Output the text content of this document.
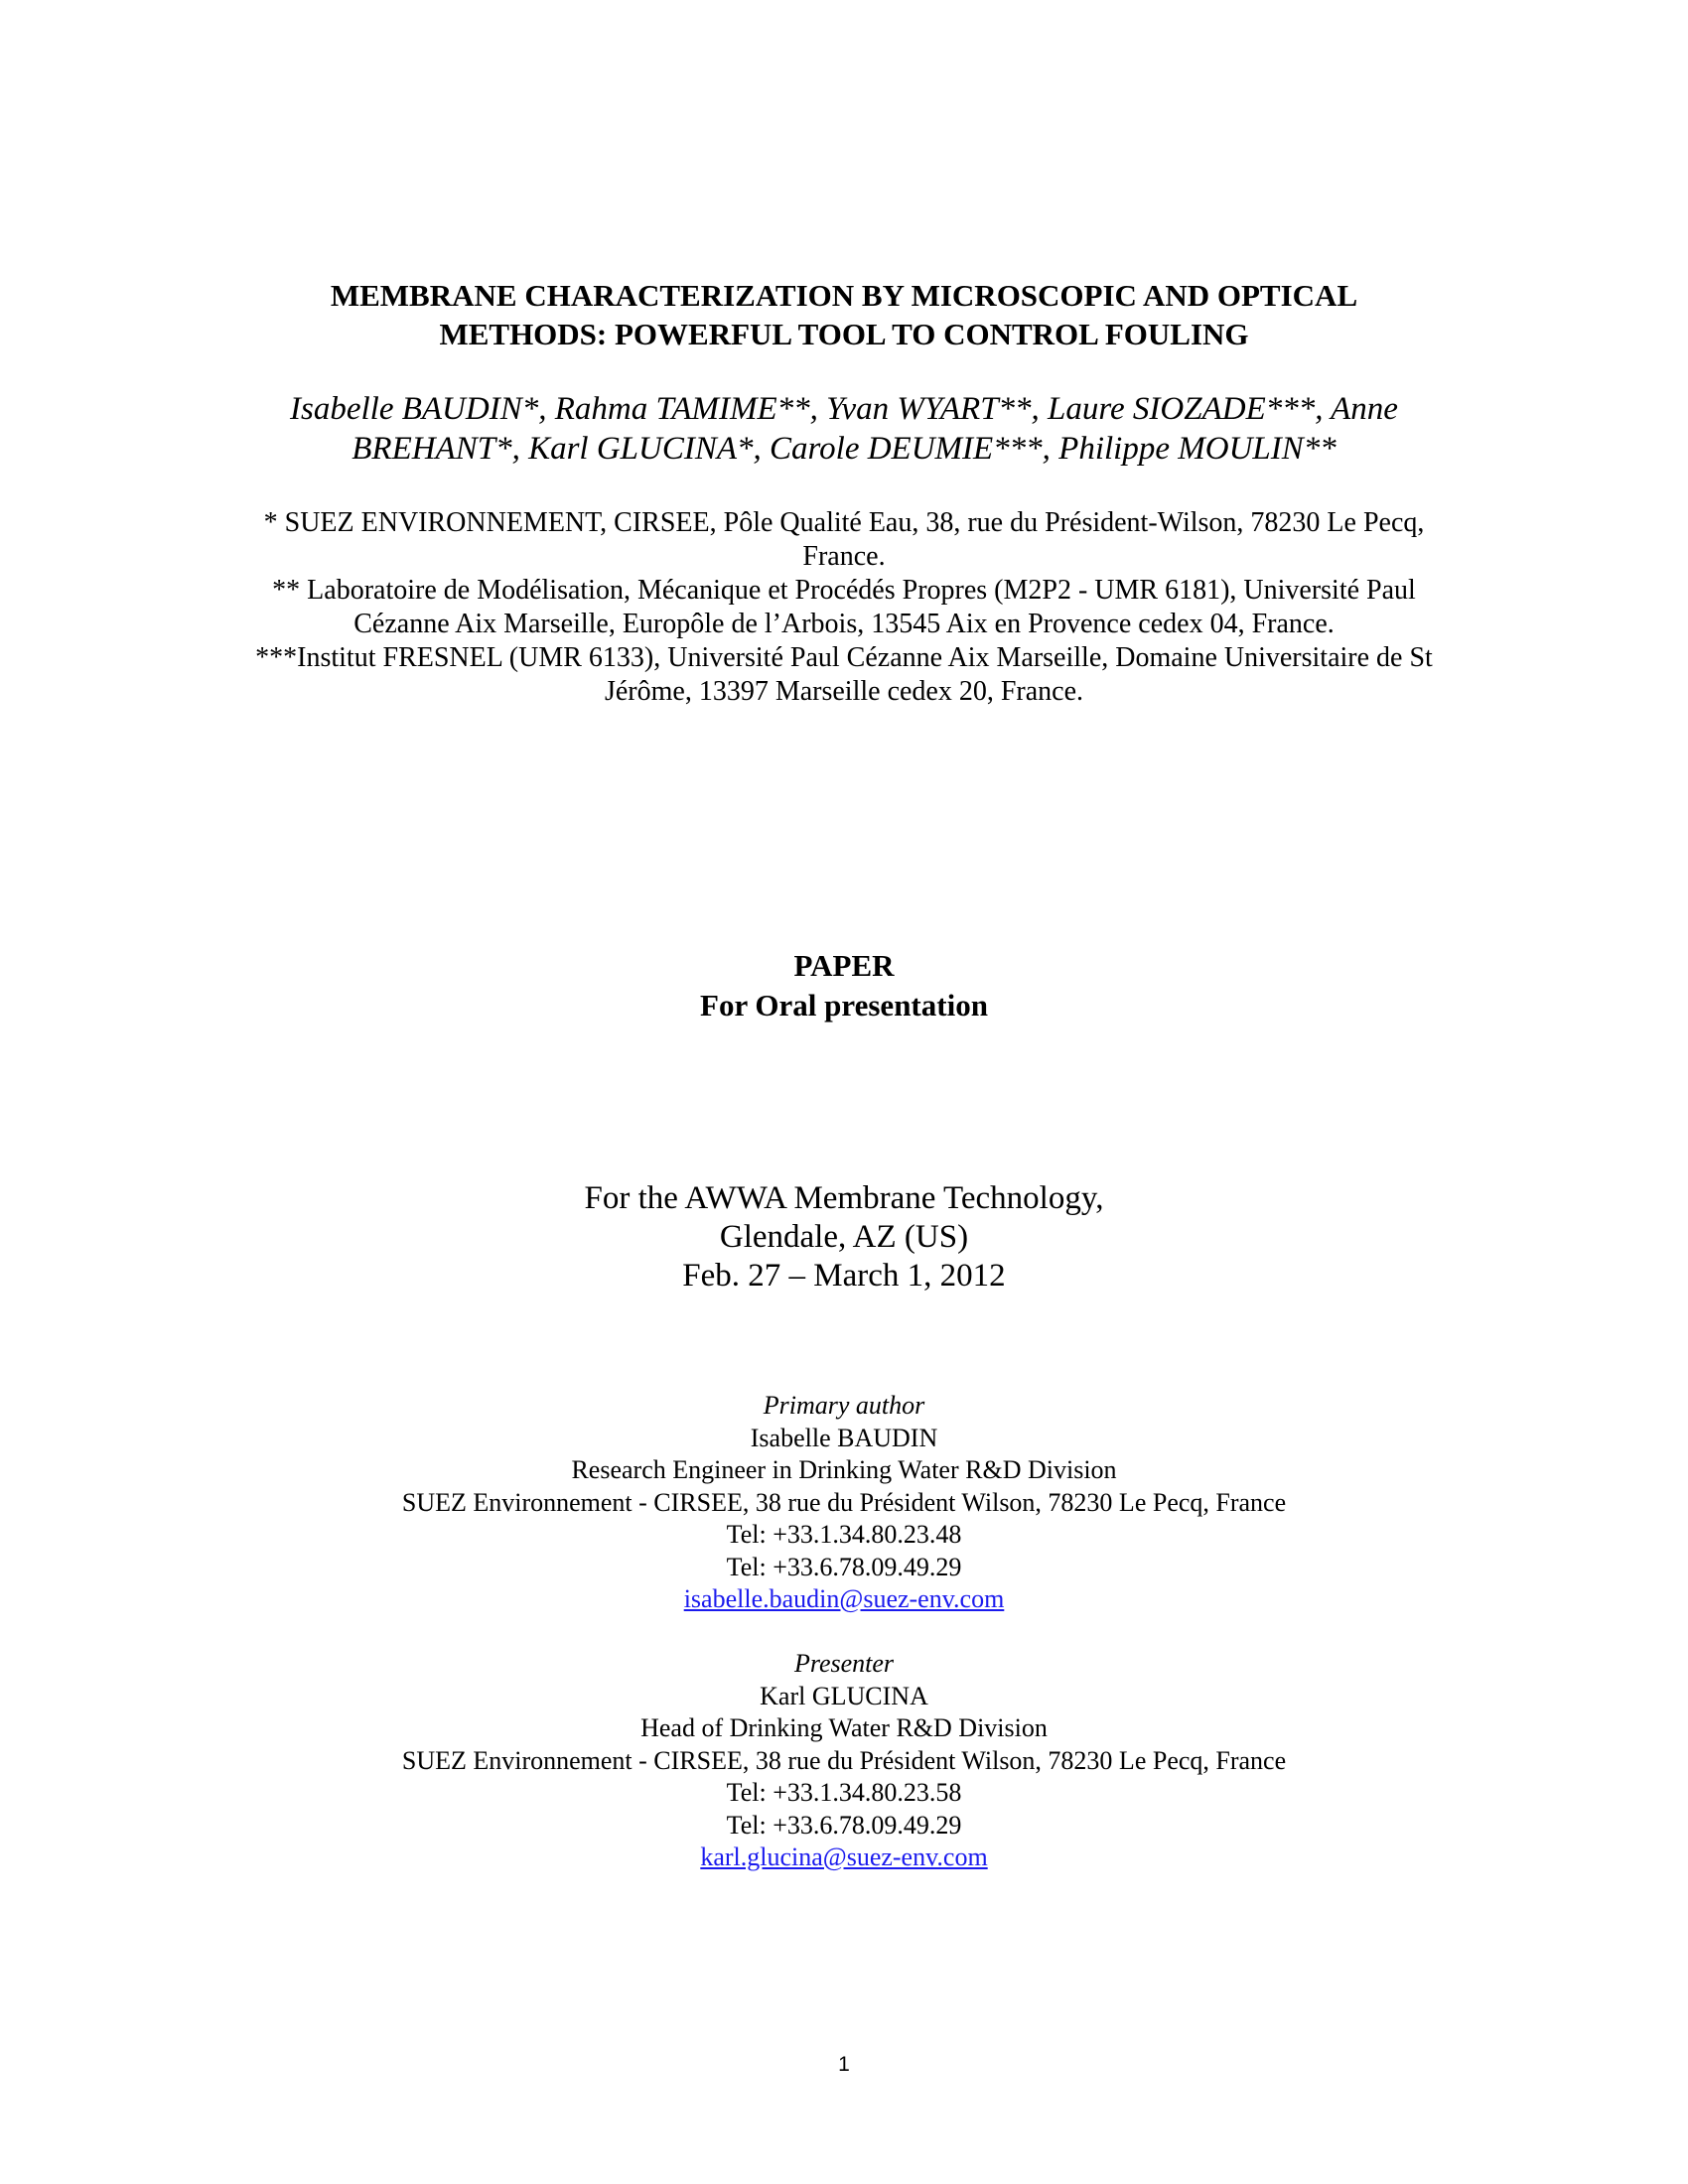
MEMBRANE CHARACTERIZATION BY MICROSCOPIC AND OPTICAL
METHODS: POWERFUL TOOL TO CONTROL FOULING
Isabelle BAUDIN*, Rahma TAMIME**, Yvan WYART**, Laure SIOZADE***, Anne
BREHANT*, Karl GLUCINA*, Carole DEUMIE***, Philippe MOULIN**
* SUEZ ENVIRONNEMENT, CIRSEE, Pôle Qualité Eau, 38, rue du Président-Wilson, 78230 Le Pecq,
France.
** Laboratoire de Modélisation, Mécanique et Procédés Propres (M2P2 - UMR 6181), Université Paul
Cézanne Aix Marseille, Europôle de l’Arbois, 13545 Aix en Provence cedex 04, France.
***Institut FRESNEL (UMR 6133), Université Paul Cézanne Aix Marseille, Domaine Universitaire de St
Jérôme, 13397 Marseille cedex 20, France.
PAPER
For Oral presentation
For the AWWA Membrane Technology,
Glendale, AZ (US)
Feb. 27 – March 1, 2012
Primary author
Isabelle BAUDIN
Research Engineer in Drinking Water R&D Division
SUEZ Environnement - CIRSEE, 38 rue du Président Wilson, 78230 Le Pecq, France
Tel: +33.1.34.80.23.48
Tel: +33.6.78.09.49.29
isabelle.baudin@suez-env.com
Presenter
Karl GLUCINA
Head of Drinking Water R&D Division
SUEZ Environnement - CIRSEE, 38 rue du Président Wilson, 78230 Le Pecq, France
Tel: +33.1.34.80.23.58
Tel: +33.6.78.09.49.29
karl.glucina@suez-env.com
1
